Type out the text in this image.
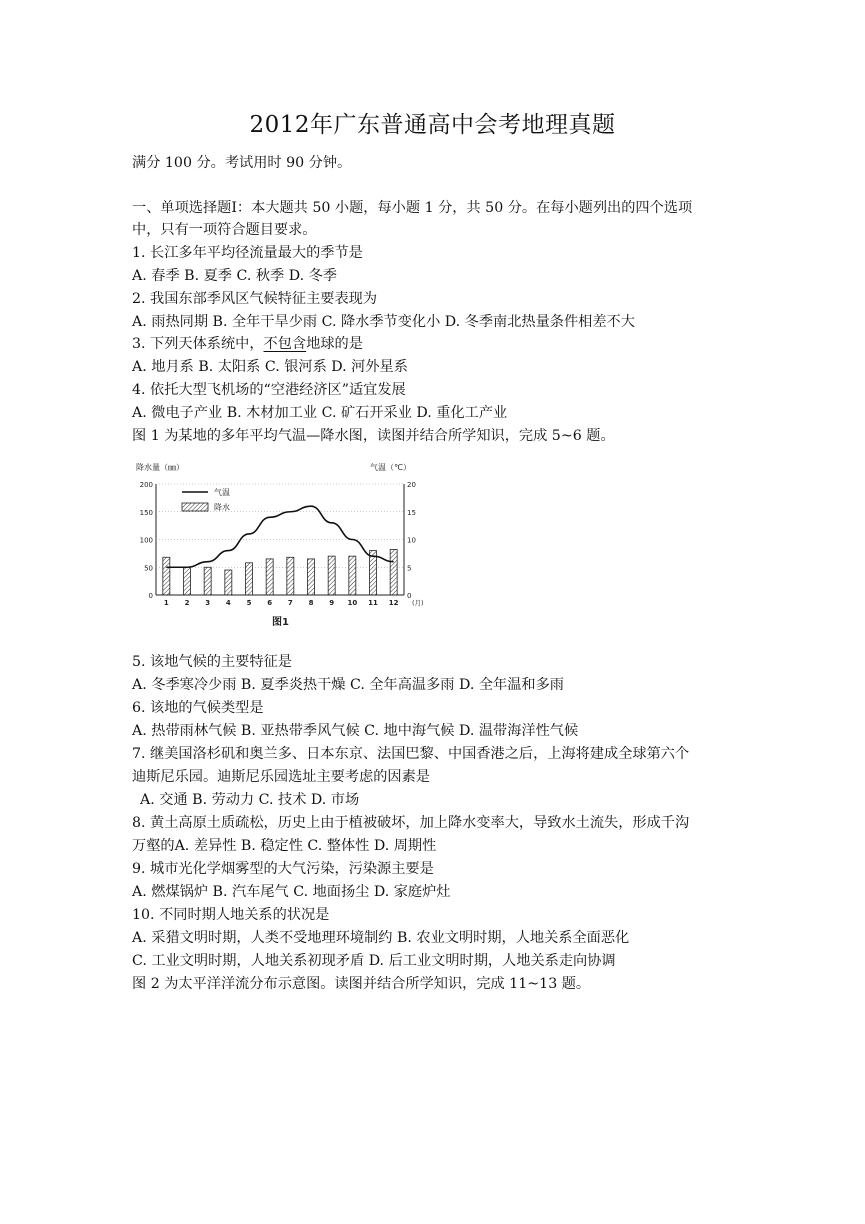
2012年广东普通高中会考地理真题
满分 100 分。考试用时 90 分钟。
一、单项选择题Ⅰ：本大题共 50 小题，每小题 1 分，共 50 分。在每小题列出的四个选项
中，只有一项符合题目要求。
1. 长江多年平均径流量最大的季节是
A. 春季 B. 夏季 C. 秋季 D. 冬季
2. 我国东部季风区气候特征主要表现为
A. 雨热同期 B. 全年干旱少雨 C. 降水季节变化小 D. 冬季南北热量条件相差不大
3. 下列天体系统中，不包含地球的是
A. 地月系 B. 太阳系 C. 银河系 D. 河外星系
4. 依托大型飞机场的“空港经济区”适宜发展
A. 微电子产业 B. 木材加工业 C. 矿石开采业 D. 重化工产业
图 1 为某地的多年平均气温—降水图，读图并结合所学知识，完成 5~6 题。
降水量（㎜）	气温（℃）
0
50
100
150
200
0
5
10
15
20
1 2 3 4 5 6 7 8 9 10 11 12 (月)
气温
降水
图1
5. 该地气候的主要特征是
A. 冬季寒冷少雨 B. 夏季炎热干燥 C. 全年高温多雨 D. 全年温和多雨
6. 该地的气候类型是
A. 热带雨林气候 B. 亚热带季风气候 C. 地中海气候 D. 温带海洋性气候
7. 继美国洛杉矶和奥兰多、日本东京、法国巴黎、中国香港之后，上海将建成全球第六个
迪斯尼乐园。迪斯尼乐园选址主要考虑的因素是
A. 交通 B. 劳动力 C. 技术 D. 市场
8. 黄土高原土质疏松，历史上由于植被破坏，加上降水变率大，导致水土流失，形成千沟
万壑的A. 差异性 B. 稳定性 C. 整体性 D. 周期性
9. 城市光化学烟雾型的大气污染，污染源主要是
A. 燃煤锅炉 B. 汽车尾气 C. 地面扬尘 D. 家庭炉灶
10. 不同时期人地关系的状况是
A. 采猎文明时期，人类不受地理环境制约 B. 农业文明时期，人地关系全面恶化
C. 工业文明时期，人地关系初现矛盾 D. 后工业文明时期，人地关系走向协调
图 2 为太平洋洋流分布示意图。读图并结合所学知识，完成 11~13 题。
